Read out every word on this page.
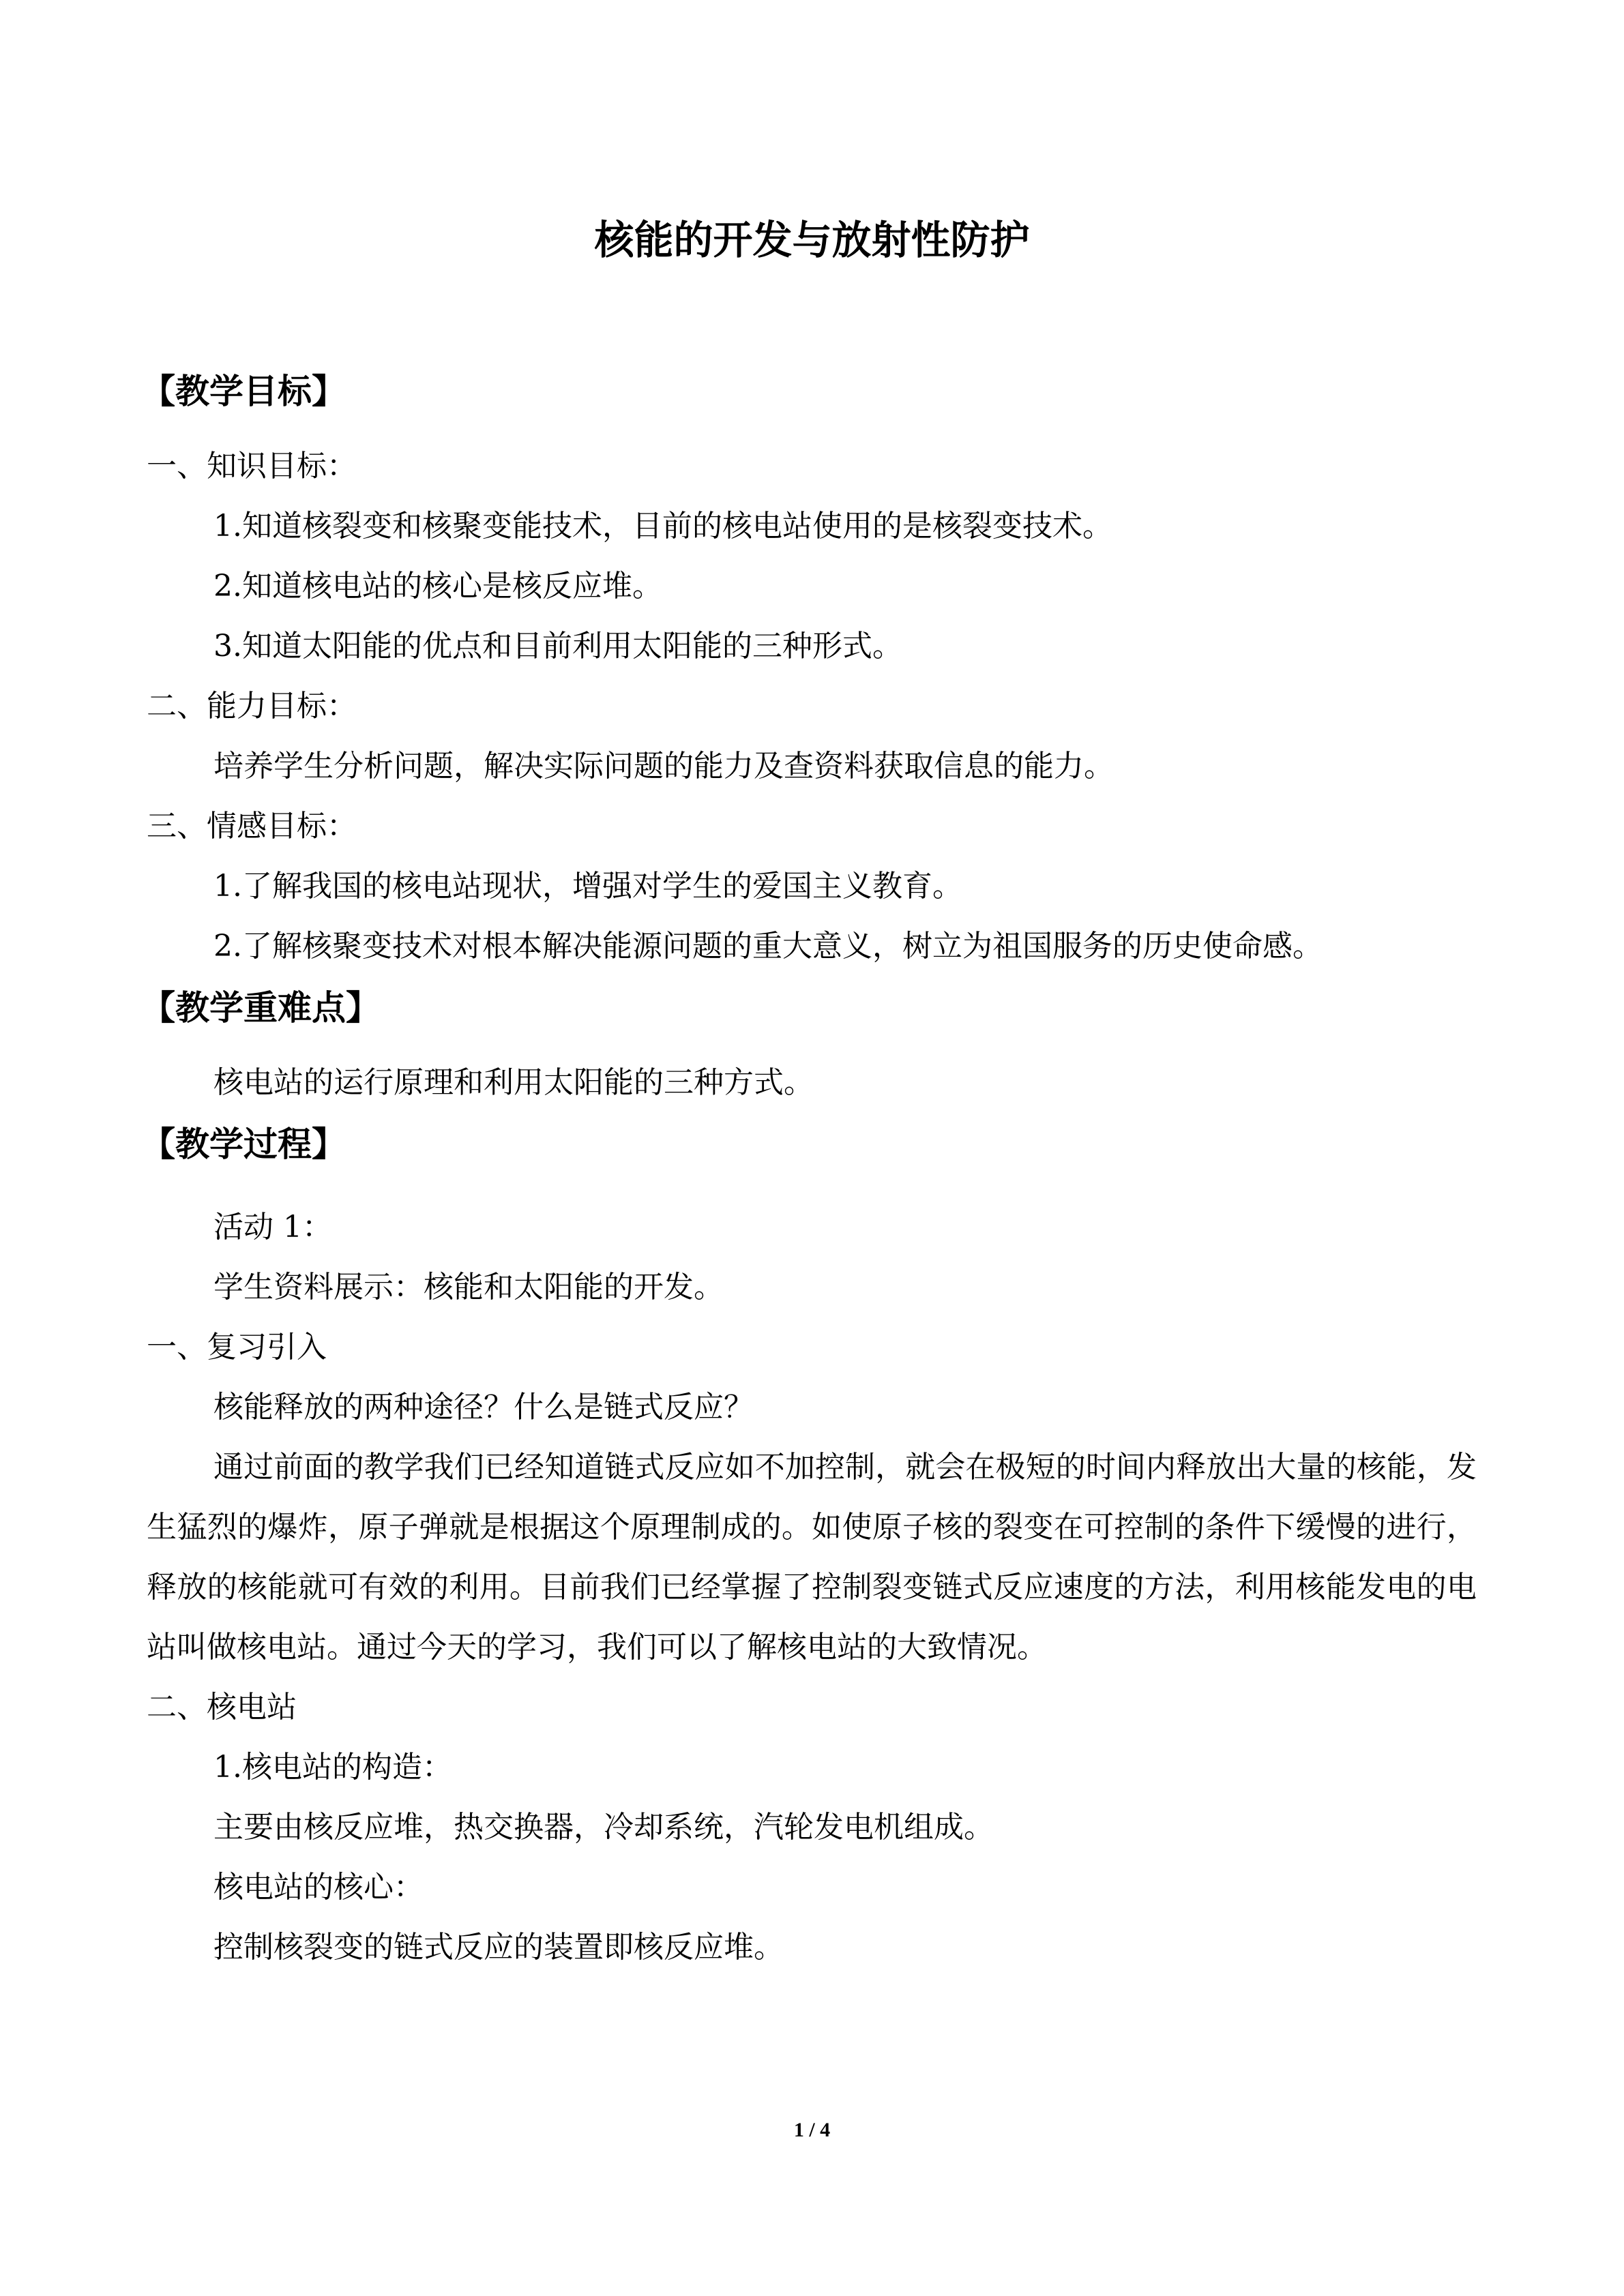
核能的开发与放射性防护
【教学目标】
一、知识目标：
1.知道核裂变和核聚变能技术，目前的核电站使用的是核裂变技术。
2.知道核电站的核心是核反应堆。
3.知道太阳能的优点和目前利用太阳能的三种形式。
二、能力目标：
培养学生分析问题，解决实际问题的能力及查资料获取信息的能力。
三、情感目标：
1.了解我国的核电站现状，增强对学生的爱国主义教育。
2.了解核聚变技术对根本解决能源问题的重大意义，树立为祖国服务的历史使命感。
【教学重难点】
核电站的运行原理和利用太阳能的三种方式。
【教学过程】
活动 1：
学生资料展示：核能和太阳能的开发。
一、复习引入
核能释放的两种途径？什么是链式反应？
通过前面的教学我们已经知道链式反应如不加控制，就会在极短的时间内释放出大量的核能，发生猛烈的爆炸，原子弹就是根据这个原理制成的。如使原子核的裂变在可控制的条件下缓慢的进行，释放的核能就可有效的利用。目前我们已经掌握了控制裂变链式反应速度的方法，利用核能发电的电站叫做核电站。通过今天的学习，我们可以了解核电站的大致情况。
二、核电站
1.核电站的构造：
主要由核反应堆，热交换器，冷却系统，汽轮发电机组成。
核电站的核心：
控制核裂变的链式反应的装置即核反应堆。
1 / 4
